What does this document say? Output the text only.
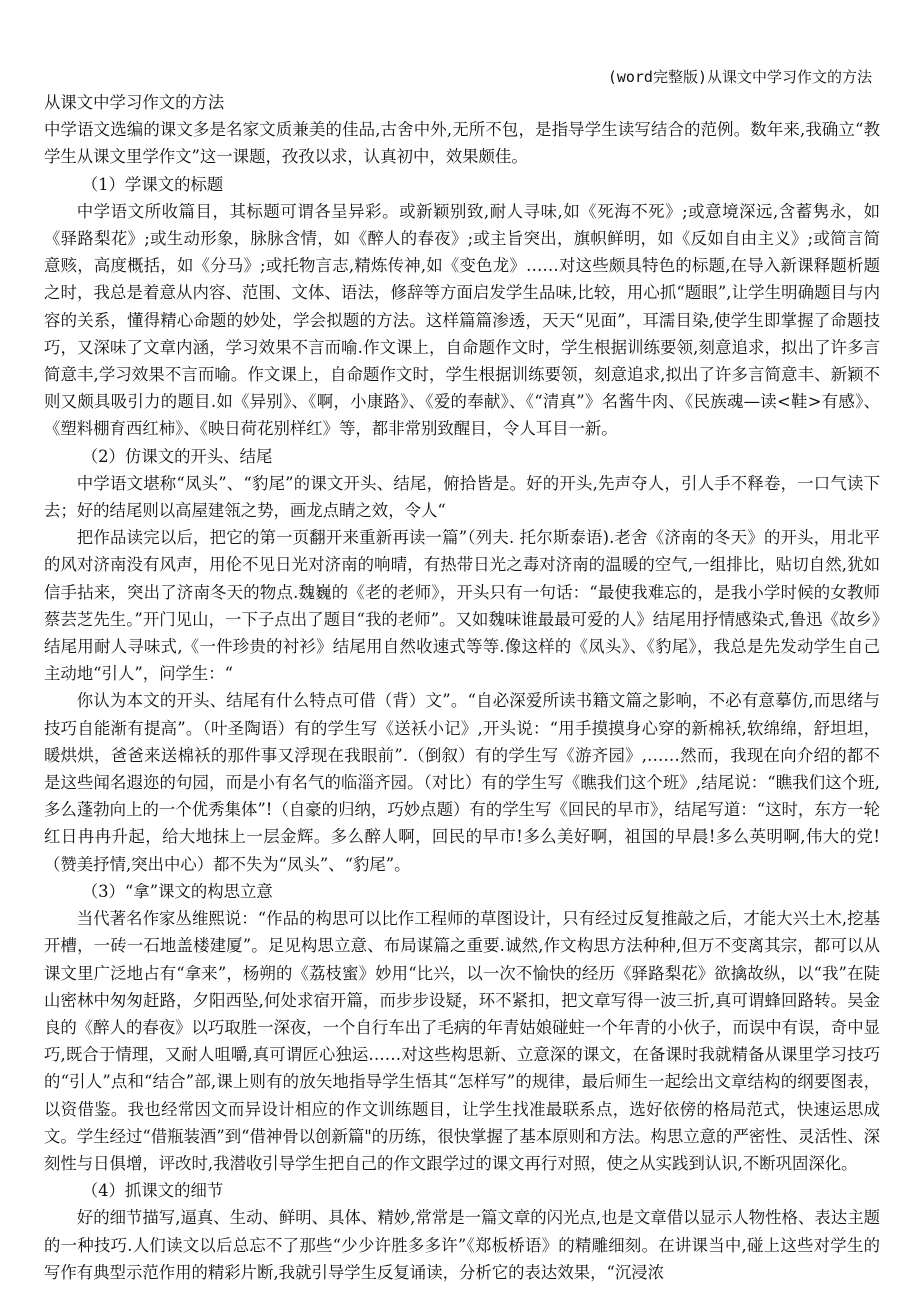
(word完整版)从课文中学习作文的方法
从课文中学习作文的方法

中学语文选编的课文多是名家文质兼美的佳品,古舍中外,无所不包，是指导学生读写结合的范例。数年来,我确立“教学生从课文里学作文”这一课题，孜孜以求，认真初中，效果颇佳。

（1）学课文的标题

中学语文所收篇目，其标题可谓各呈异彩。或新颖别致,耐人寻味,如《死海不死》;或意境深远,含蓄隽永，如《驿路梨花》;或生动形象，脉脉含情，如《醉人的春夜》;或主旨突出，旗帜鲜明，如《反如自由主义》;或简言简意赅，高度概括，如《分马》;或托物言志,精炼传神,如《变色龙》……对这些颇具特色的标题,在导入新课释题析题之时，我总是着意从内容、范围、文体、语法，修辞等方面启发学生品味,比较，用心抓“题眼”,让学生明确题目与内容的关系，懂得精心命题的妙处，学会拟题的方法。这样篇篇渗透，天天“见面”，耳濡目染,使学生即掌握了命题技巧，又深味了文章内涵，学习效果不言而喻.作文课上，自命题作文时，学生根据训练要领,刻意追求，拟出了许多言简意丰,学习效果不言而喻。作文课上，自命题作文时，学生根据训练要领，刻意追求,拟出了许多言简意丰、新颖不则又颇具吸引力的题目.如《异别》、《啊，小康路》、《爱的奉献》、《“清真”》名酱牛肉、《民族魂—读<鞋>有感》、《塑料棚育西红柿》、《映日荷花别样红》等，都非常别致醒目，令人耳目一新。

（2）仿课文的开头、结尾

中学语文堪称“凤头”、“豹尾”的课文开头、结尾，俯拾皆是。好的开头,先声夺人，引人手不释卷，一口气读下去；好的结尾则以高屋建瓴之势，画龙点睛之效，令人“

把作品读完以后，把它的第一页翻开来重新再读一篇”（列夫. 托尔斯泰语).老舍《济南的冬天》的开头，用北平的风对济南没有风声，用伦不见日光对济南的响晴，有热带日光之毒对济南的温暖的空气,一组排比，贴切自然,犹如信手拈来，突出了济南冬天的物点.魏巍的《老的老师》，开头只有一句话：“最使我难忘的，是我小学时候的女教师蔡芸芝先生。”开门见山，一下子点出了题目“我的老师”。又如魏味谁最最可爱的人》结尾用抒情感染式,鲁迅《故乡》结尾用耐人寻味式,《一件珍贵的衬衫》结尾用自然收速式等等.像这样的《凤头》、《豹尾》，我总是先发动学生自己主动地“引人”，问学生：“

你认为本文的开头、结尾有什么特点可借（背）文”。“自必深爱所读书籍文篇之影响，不必有意摹仿,而思绪与技巧自能渐有提高”。（叶圣陶语）有的学生写《送袄小记》,开头说：“用手摸摸身心穿的新棉袄,软绵绵，舒坦坦，暖烘烘，爸爸来送棉袄的那件事又浮现在我眼前”.（倒叙）有的学生写《游齐园》,……然而，我现在向介绍的都不是这些闻名遐迩的句园，而是小有名气的临淄齐园。（对比）有的学生写《瞧我们这个班》,结尾说：“瞧我们这个班,多么蓬勃向上的一个优秀集体”!（自豪的归纳，巧妙点题）有的学生写《回民的早市》，结尾写道：“这时，东方一轮红日冉冉升起，给大地抹上一层金辉。多么醉人啊，回民的早市!多么美好啊，祖国的早晨!多么英明啊,伟大的党!（赞美抒情,突出中心）都不失为“凤头”、“豹尾”。

（3）“拿”课文的构思立意

当代著名作家丛维熙说：“作品的构思可以比作工程师的草图设计，只有经过反复推敲之后，才能大兴土木,挖基开槽，一砖一石地盖楼建厦”。足见构思立意、布局谋篇之重要.诚然,作文构思方法种种,但万不变离其宗，都可以从课文里广泛地占有“拿来”，杨朔的《荔枝蜜》妙用“比兴，以一次不愉快的经历《驿路梨花》欲擒故纵，以“我”在陡山密林中匆匆赶路，夕阳西坠,何处求宿开篇，而步步设疑，环不紧扣，把文章写得一波三折,真可谓蜂回路转。吴金良的《醉人的春夜》以巧取胜一深夜，一个自行车出了毛病的年青姑娘碰蛀一个年青的小伙子，而误中有误，奇中显巧,既合于情理，又耐人咀嚼,真可谓匠心独运……对这些构思新、立意深的课文，在备课时我就精备从课里学习技巧的“引人”点和“结合”部,课上则有的放矢地指导学生悟其“怎样写”的规律，最后师生一起绘出文章结构的纲要图表，以资借鉴。我也经常因文而异设计相应的作文训练题目，让学生找准最联系点，选好依傍的格局范式，快速运思成文。学生经过“借瓶装酒”到“借神骨以创新篇"的历练，很快掌握了基本原则和方法。构思立意的严密性、灵活性、深刻性与日俱增，评改时,我潜收引导学生把自己的作文跟学过的课文再行对照，使之从实践到认识,不断巩固深化。

（4）抓课文的细节

好的细节描写,逼真、生动、鲜明、具体、精妙,常常是一篇文章的闪光点,也是文章借以显示人物性格、表达主题的一种技巧.人们读文以后总忘不了那些“少少许胜多多许”《郑板桥语》的精雕细刻。在讲课当中,碰上这些对学生的写作有典型示范作用的精彩片断,我就引导学生反复诵读，分析它的表达效果，“沉浸浓
